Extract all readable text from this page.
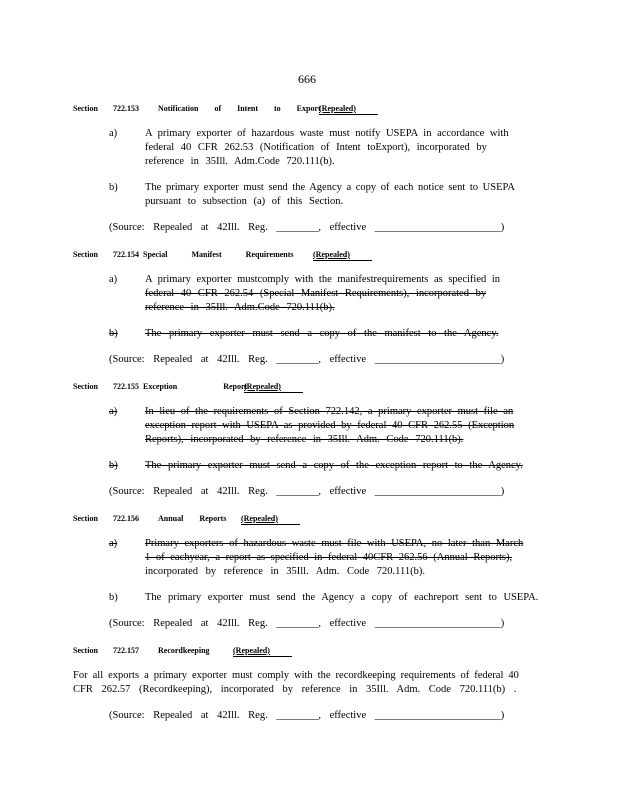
666
Section 722.153 Notification of Intent to Export
(Repealed)
a)	A primary exporter of hazardous waste must notify USEPA in accordance with
federal 40 CFR 262.53 (Notification of Intent toExport), incorporated by
reference in 35Ill. Adm.Code 720.111(b).
b)	The primary exporter must send the Agency a copy of each notice sent to USEPA
pursuant to subsection (a) of this Section.
(Source: Repealed at 42Ill. Reg. ________, effective ________________________)
Section 722.154 Special Manifest Requirements (Repealed)
a)	A primary exporter mustcomply with the manifestrequirements as specified in
federal 40 CFR 262.54 (Special Manifest Requirements), incorporated by
reference in 35Ill. Adm.Code 720.111(b).
b)	The primary exporter must send a copy of the manifest to the Agency.
(Source: Repealed at 42Ill. Reg. ________, effective ________________________)
Section 722.155 Exception Report
(Repealed)
a)	In lieu of the requirements of Section 722.142, a primary exporter must file an
exception report with USEPA as provided by federal 40 CFR 262.55 (Exception
Reports), incorporated by reference in 35Ill. Adm. Code 720.111(b).
b)	The primary exporter must send a copy of the exception report to the Agency.
(Source: Repealed at 42Ill. Reg. ________, effective ________________________)
Section 722.156 Annual Reports (Repealed)
a)	Primary exporters of hazardous waste must file with USEPA, no later than March
1 of eachyear, a report as specified in federal 40CFR 262.56 (Annual Reports),
incorporated by reference in 35Ill. Adm. Code 720.111(b).
b)	The primary exporter must send the Agency a copy of eachreport sent to USEPA.
(Source: Repealed at 42Ill. Reg. ________, effective ________________________)
Section 722.157 Recordkeeping	(Repealed)
For all exports a primary exporter must comply with the recordkeeping requirements of federal 40
CFR 262.57 (Recordkeeping), incorporated by reference in 35Ill. Adm. Code 720.111(b) .
(Source: Repealed at 42Ill. Reg. ________, effective ________________________)
